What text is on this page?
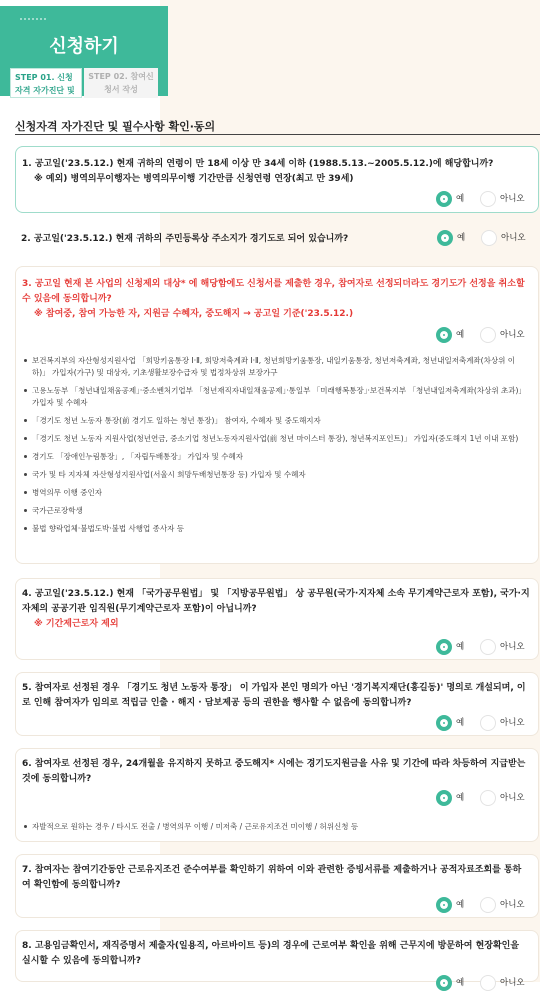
신청하기
STEP 01. 신청자격 자가진단 및
STEP 02. 참여신청서 작성
신청자격 자가진단 및 필수사항 확인·동의
1. 공고일('23.5.12.) 현재 귀하의 연령이 만 18세 이상 만 34세 이하 (1988.5.13.~2005.5.12.)에 해당합니까?
※ 예외) 병역의무이행자는 병역의무이행 기간만큼 신청연령 연장(최고 만 39세)
예	아니오
2. 공고일('23.5.12.) 현재 귀하의 주민등록상 주소지가 경기도로 되어 있습니까?	예	아니오
3. 공고일 현재 본 사업의 신청제외 대상* 에 해당함에도 신청서를 제출한 경우, 참여자로 선정되더라도 경기도가 선정을 취소할 수 있음에 동의합니까?
※ 참여중, 참여 가능한 자, 지원금 수혜자, 중도해지 → 공고일 기준('23.5.12.)
예	아니오
보건복지부의 자산형성지원사업 「희망키움통장 Ⅰ·Ⅱ, 희망저축계좌 Ⅰ·Ⅱ, 청년희망키움통장, 내일키움통장, 청년저축계좌, 청년내일저축계좌(차상위 이하)」 가입자(가구) 및 대상자, 기초생활보장수급자 및 법정차상위 보장가구
고용노동부 「청년내일채움공제」·중소벤처기업부 「청년재직자내일채움공제」·통일부 「미래행복통장」·보건복지부 「청년내일저축계좌(차상위 초과)」 가입자 및 수혜자
「경기도 청년 노동자 통장(前 경기도 일하는 청년 통장)」 참여자, 수혜자 및 중도해지자
「경기도 청년 노동자 지원사업(청년연금, 중소기업 청년노동자지원사업(前 청년 마이스터 통장), 청년복지포인트)」 가입자(중도해지 1년 이내 포함)
경기도 「장애인누림통장」, 「자립두배통장」 가입자 및 수혜자
국가 및 타 지자체 자산형성지원사업(서울시 희망두배청년통장 등) 가입자 및 수혜자
병역의무 이행 중인자
국가근로장학생
불법 향락업체·불법도박·불법 사행업 종사자 등
4. 공고일('23.5.12.) 현재 「국가공무원법」 및 「지방공무원법」 상 공무원(국가·지자체 소속 무기계약근로자 포함), 국가·지자체의 공공기관 임직원(무기계약근로자 포함)이 아닙니까?
※ 기간제근로자 제외
예	아니오
5. 참여자로 선정된 경우 「경기도 청년 노동자 통장」 이 가입자 본인 명의가 아닌 '경기복지재단(홍길동)' 명의로 개설되며, 이로 인해 참여자가 임의로 적립금 인출 · 해지 · 담보제공 등의 권한을 행사할 수 없음에 동의합니까?
예	아니오
6. 참여자로 선정된 경우, 24개월을 유지하지 못하고 중도해지* 시에는 경기도지원금을 사유 및 기간에 따라 차등하여 지급받는 것에 동의합니까?
예	아니오
자발적으로 원하는 경우 / 타시도 전출 / 병역의무 이행 / 미저축 / 근로유지조건 미이행 / 허위신청 등
7. 참여자는 참여기간동안 근로유지조건 준수여부를 확인하기 위하여 이와 관련한 증빙서류를 제출하거나 공적자료조회를 통하여 확인함에 동의합니까?
예	아니오
8. 고용임금확인서, 재직증명서 제출자(일용직, 아르바이트 등)의 경우에 근로여부 확인을 위해 근무지에 방문하여 현장확인을 실시할 수 있음에 동의합니까?
예	아니오
